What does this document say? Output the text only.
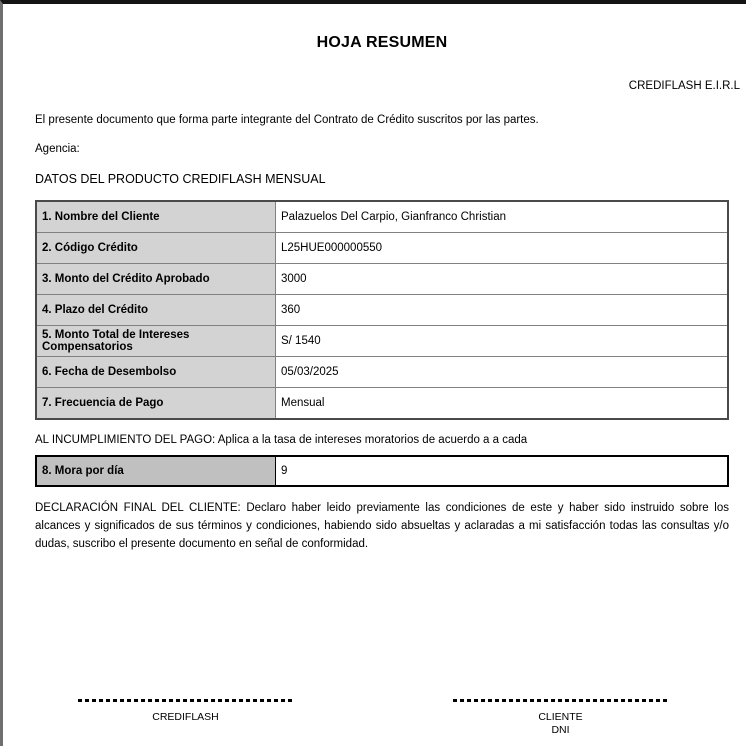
HOJA RESUMEN
CREDIFLASH E.I.R.L
El presente documento que forma parte integrante del Contrato de Crédito suscritos por las partes.
Agencia:
DATOS DEL PRODUCTO CREDIFLASH MENSUAL
1. Nombre del Cliente	Palazuelos Del Carpio, Gianfranco Christian
2. Código Crédito	L25HUE000000550
3. Monto del Crédito Aprobado	3000
4. Plazo del Crédito	360
5. Monto Total de Intereses Compensatorios	S/ 1540
6. Fecha de Desembolso	05/03/2025
7. Frecuencia de Pago	Mensual
AL INCUMPLIMIENTO DEL PAGO: Aplica a la tasa de intereses moratorios de acuerdo a a cada
8. Mora por día	9
DECLARACIÓN FINAL DEL CLIENTE: Declaro haber leido previamente las condiciones de este y haber sido instruido sobre los alcances y significados de sus términos y condiciones, habiendo sido absueltas y aclaradas a mi satisfacción todas las consultas y/o dudas, suscribo el presente documento en señal de conformidad.
CREDIFLASH	CLIENTE
DNI
